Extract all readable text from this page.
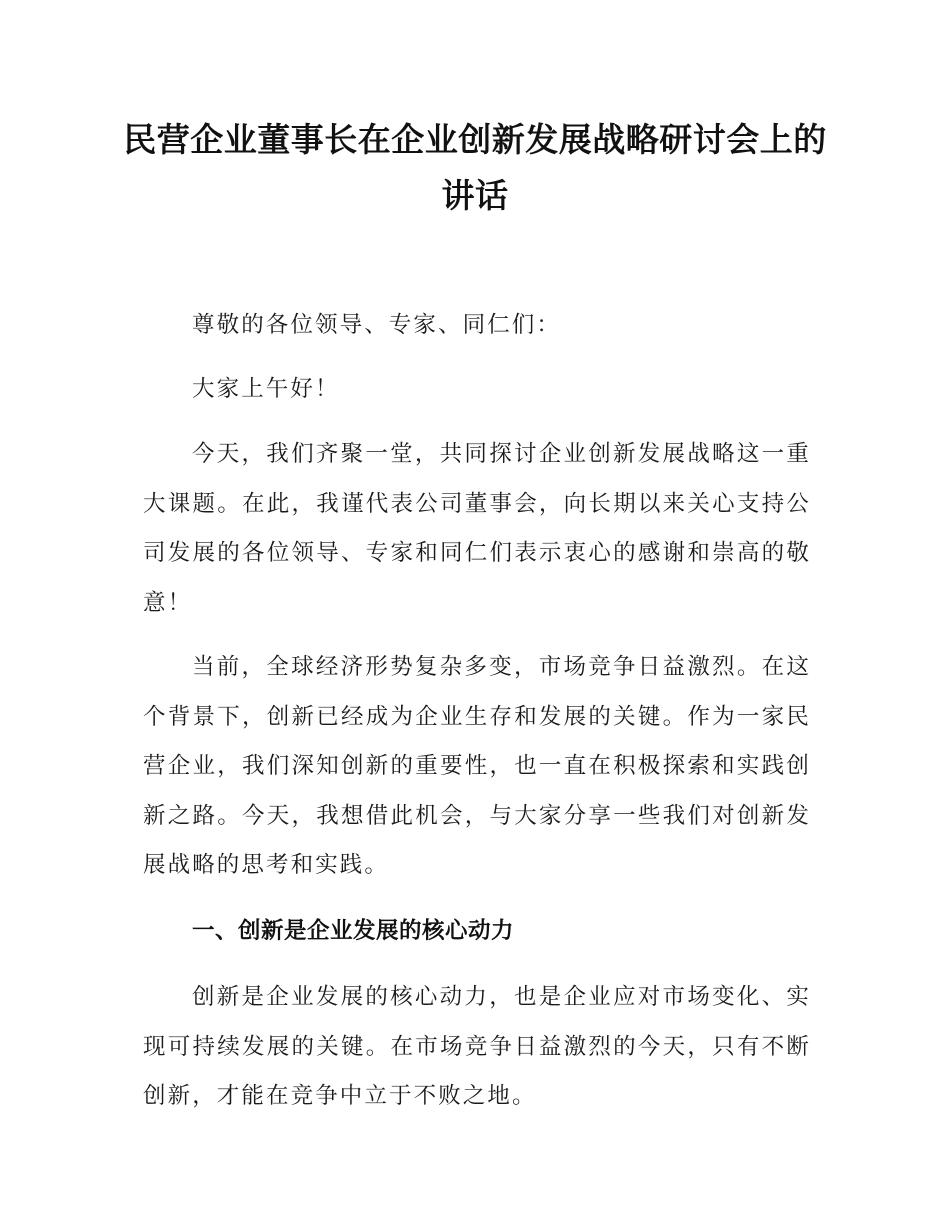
民营企业董事长在企业创新发展战略研讨会上的讲话

尊敬的各位领导、专家、同仁们：

大家上午好！

今天，我们齐聚一堂，共同探讨企业创新发展战略这一重大课题。在此，我谨代表公司董事会，向长期以来关心支持公司发展的各位领导、专家和同仁们表示衷心的感谢和崇高的敬意！

当前，全球经济形势复杂多变，市场竞争日益激烈。在这个背景下，创新已经成为企业生存和发展的关键。作为一家民营企业，我们深知创新的重要性，也一直在积极探索和实践创新之路。今天，我想借此机会，与大家分享一些我们对创新发展战略的思考和实践。

一、创新是企业发展的核心动力

创新是企业发展的核心动力，也是企业应对市场变化、实现可持续发展的关键。在市场竞争日益激烈的今天，只有不断创新，才能在竞争中立于不败之地。
